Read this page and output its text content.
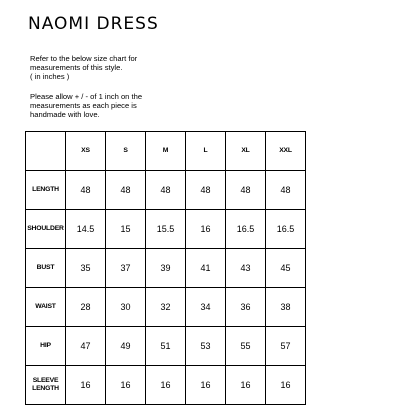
NAOMI DRESS

Refer to the below size chart for

measurements of this style.

( in inches )

Please allow + / - of 1 inch on the

measurements as each piece is

handmade with love.

	XS	S	M	L	XL	XXL
LENGTH	48	48	48	48	48	48
SHOULDER	14.5	15	15.5	16	16.5	16.5
BUST	35	37	39	41	43	45
WAIST	28	30	32	34	36	38
HIP	47	49	51	53	55	57

SLEEVE
LENGTH	16	16	16	16	16	16
